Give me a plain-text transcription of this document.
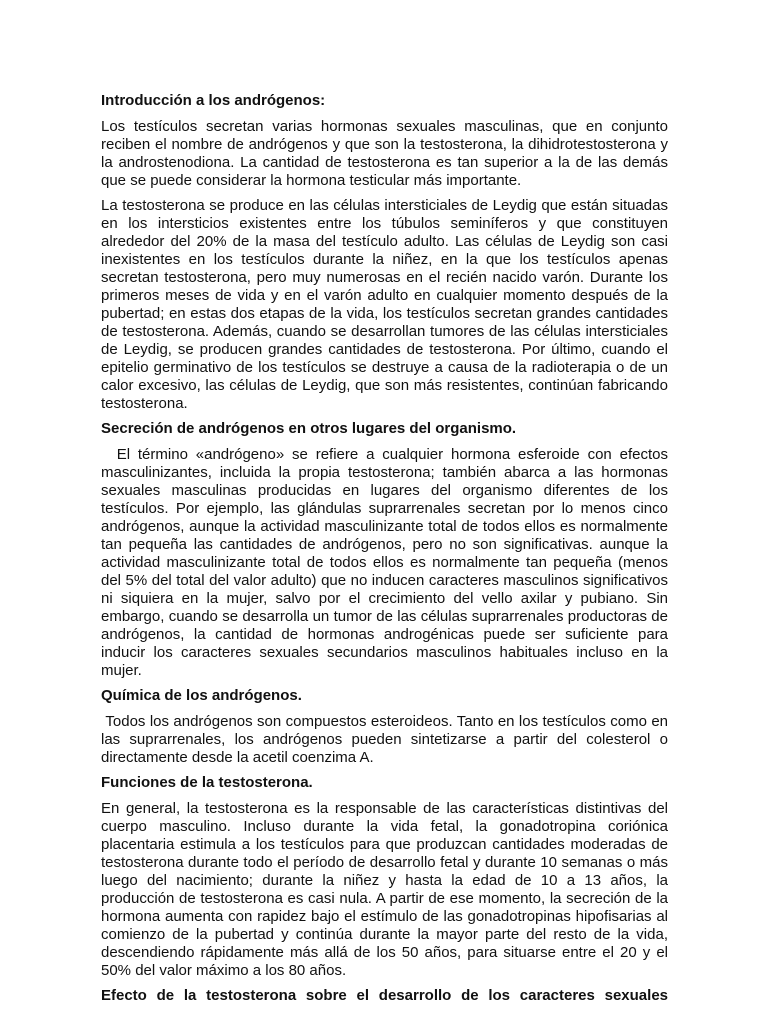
Introducción a los andrógenos:

Los testículos secretan varias hormonas sexuales masculinas, que en conjunto reciben el nombre de andrógenos y que son la testosterona, la dihidrotestosterona y la androstenodiona. La cantidad de testosterona es tan superior a la de las demás que se puede considerar la hormona testicular más importante.

La testosterona se produce en las células intersticiales de Leydig que están situadas en los intersticios existentes entre los túbulos seminíferos y que constituyen alrededor del 20% de la masa del testículo adulto. Las células de Leydig son casi inexistentes en los testículos durante la niñez, en la que los testículos apenas secretan testosterona, pero muy numerosas en el recién nacido varón. Durante los primeros meses de vida y en el varón adulto en cualquier momento después de la pubertad; en estas dos etapas de la vida, los testículos secretan grandes cantidades de testosterona. Además, cuando se desarrollan tumores de las células intersticiales de Leydig, se producen grandes cantidades de testosterona. Por último, cuando el epitelio germinativo de los testículos se destruye a causa de la radioterapia o de un calor excesivo, las células de Leydig, que son más resistentes, continúan fabricando testosterona.

Secreción de andrógenos en otros lugares del organismo.

El término «andrógeno» se refiere a cualquier hormona esferoide con efectos masculinizantes, incluida la propia testosterona; también abarca a las hormonas sexuales masculinas producidas en lugares del organismo diferentes de los testículos. Por ejemplo, las glándulas suprarrenales secretan por lo menos cinco andrógenos, aunque la actividad masculinizante total de todos ellos es normalmente tan pequeña las cantidades de andrógenos, pero no son significativas. aunque la actividad masculinizante total de todos ellos es normalmente tan pequeña (menos del 5% del total del valor adulto) que no inducen caracteres masculinos significativos ni siquiera en la mujer, salvo por el crecimiento del vello axilar y pubiano. Sin embargo, cuando se desarrolla un tumor de las células suprarrenales productoras de andrógenos, la cantidad de hormonas androgénicas puede ser suficiente para inducir los caracteres sexuales secundarios masculinos habituales incluso en la mujer.

Química de los andrógenos.

Todos los andrógenos son compuestos esteroideos. Tanto en los testículos como en las suprarrenales, los andrógenos pueden sintetizarse a partir del colesterol o directamente desde la acetil coenzima A.

Funciones de la testosterona.

En general, la testosterona es la responsable de las características distintivas del cuerpo masculino. Incluso durante la vida fetal, la gonadotropina coriónica placentaria estimula a los testículos para que produzcan cantidades moderadas de testosterona durante todo el período de desarrollo fetal y durante 10 semanas o más luego del nacimiento; durante la niñez y hasta la edad de 10 a 13 años, la producción de testosterona es casi nula. A partir de ese momento, la secreción de la hormona aumenta con rapidez bajo el estímulo de las gonadotropinas hipofisarias al comienzo de la pubertad y continúa durante la mayor parte del resto de la vida, descendiendo rápidamente más allá de los 50 años, para situarse entre el 20 y el 50% del valor máximo a los 80 años.

Efecto de la testosterona sobre el desarrollo de los caracteres sexuales
